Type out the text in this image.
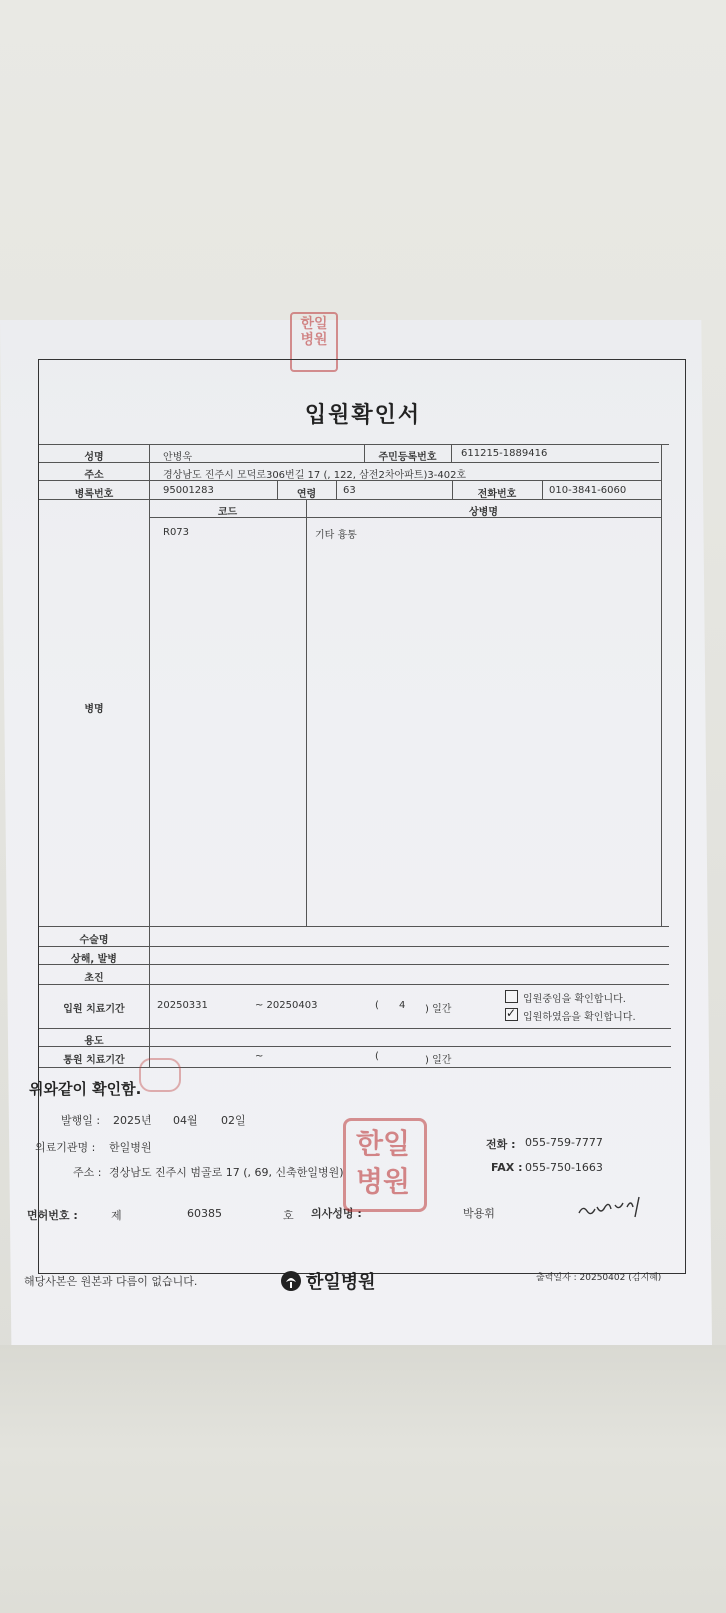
한일
병원
입원확인서
성명	안병욱	주민등록번호	611215-1889416
주소	경상남도 진주시 모덕로306번길 17 (, 122, 삼전2차아파트)3-402호
병록번호	95001283	연령	63	전화번호	010-3841-6060
병명
코드	상병명
R073	기타 흉통
수술명
상해, 발병
초진
입원 치료기간	20250331	~ 20250403	( 4 ) 일간
입원중임을 확인합니다.
✓ 입원하였음을 확인합니다.
용도
통원 치료기간	~	(	) 일간
위와같이 확인함.
발행일 : 2025년 04월 02일
의료기관명 : 한일병원	전화 : 055-759-7777
주소 : 경상남도 진주시 범골로 17 (, 69, 신축한일병원)	FAX : 055-750-1663
면허번호 :	제	60385	호 의사성명 :	박용휘
한일병원
해당사본은 원본과 다름이 없습니다.	한일병원	출력일자 : 20250402 (김지혜)
